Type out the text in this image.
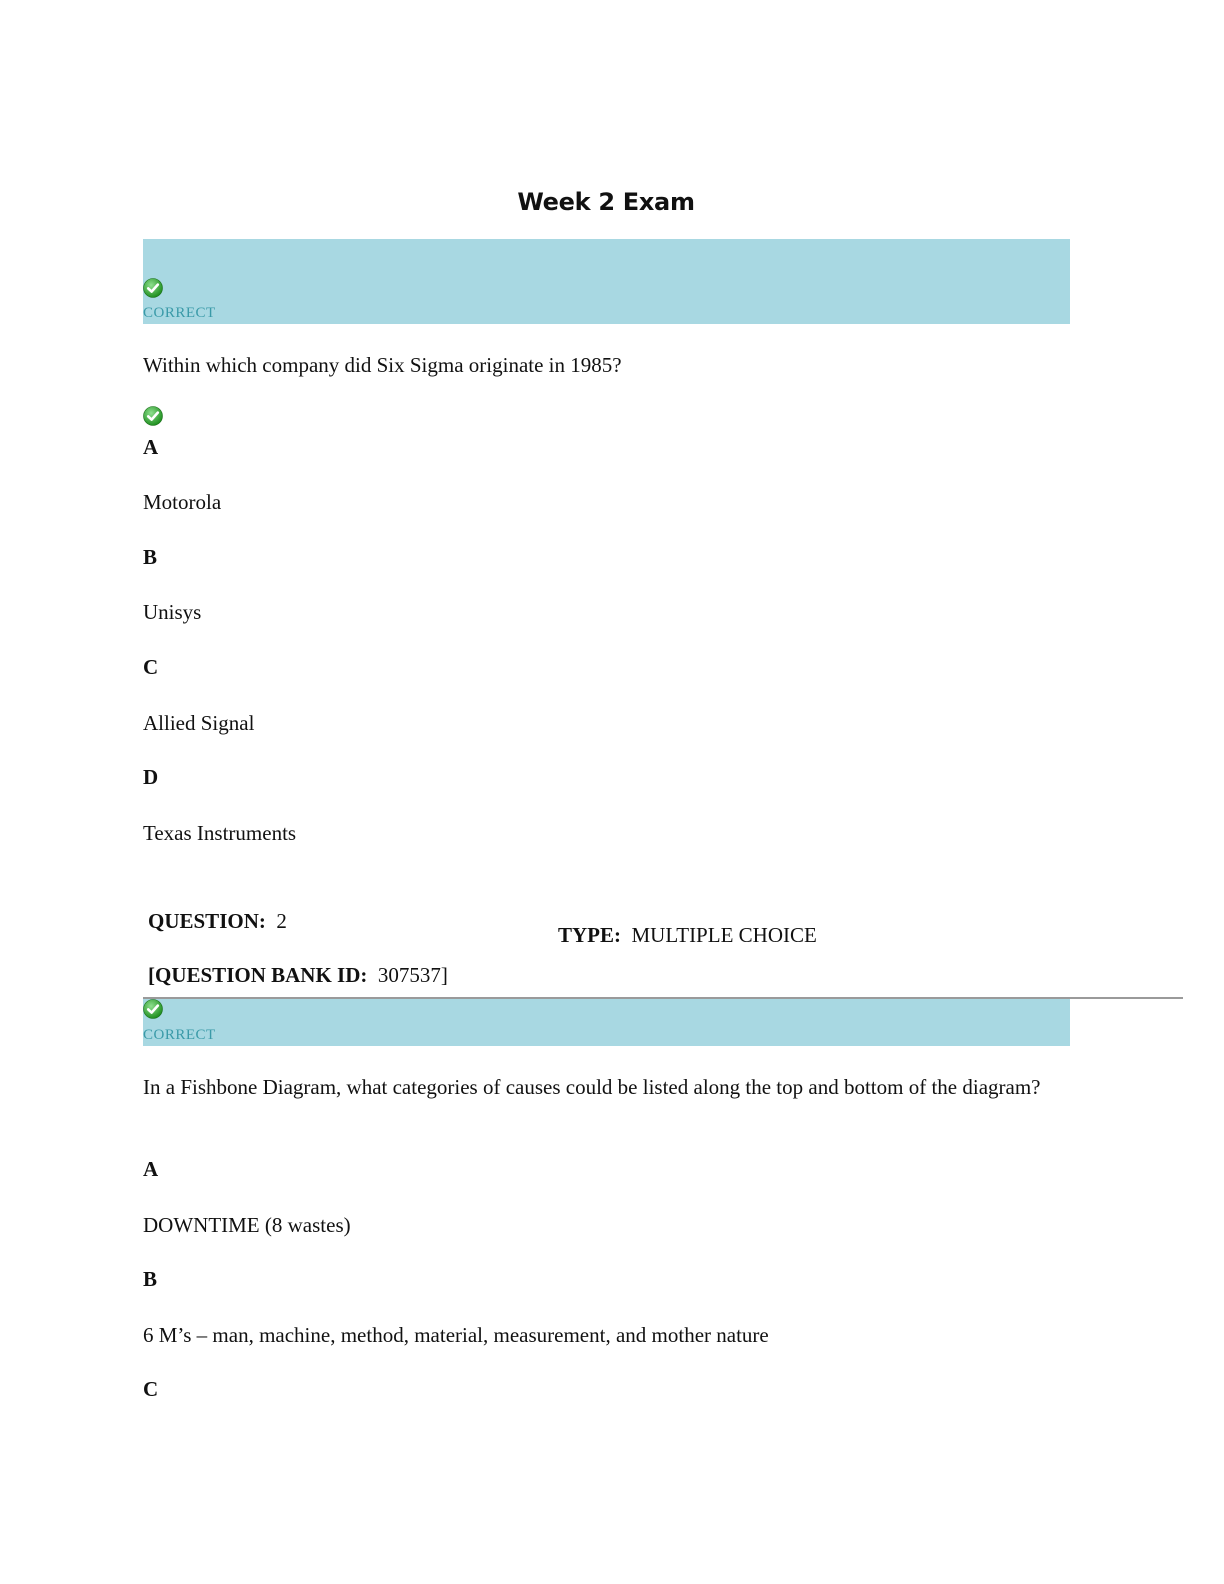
Week 2 Exam
CORRECT
Within which company did Six Sigma originate in 1985?
A
Motorola
B
Unisys
C
Allied Signal
D
Texas Instruments
QUESTION: 2
TYPE: MULTIPLE CHOICE
[QUESTION BANK ID: 307537]
CORRECT
In a Fishbone Diagram, what categories of causes could be listed along the top and bottom of the diagram?
A
DOWNTIME (8 wastes)
B
6 M’s – man, machine, method, material, measurement, and mother nature
C
